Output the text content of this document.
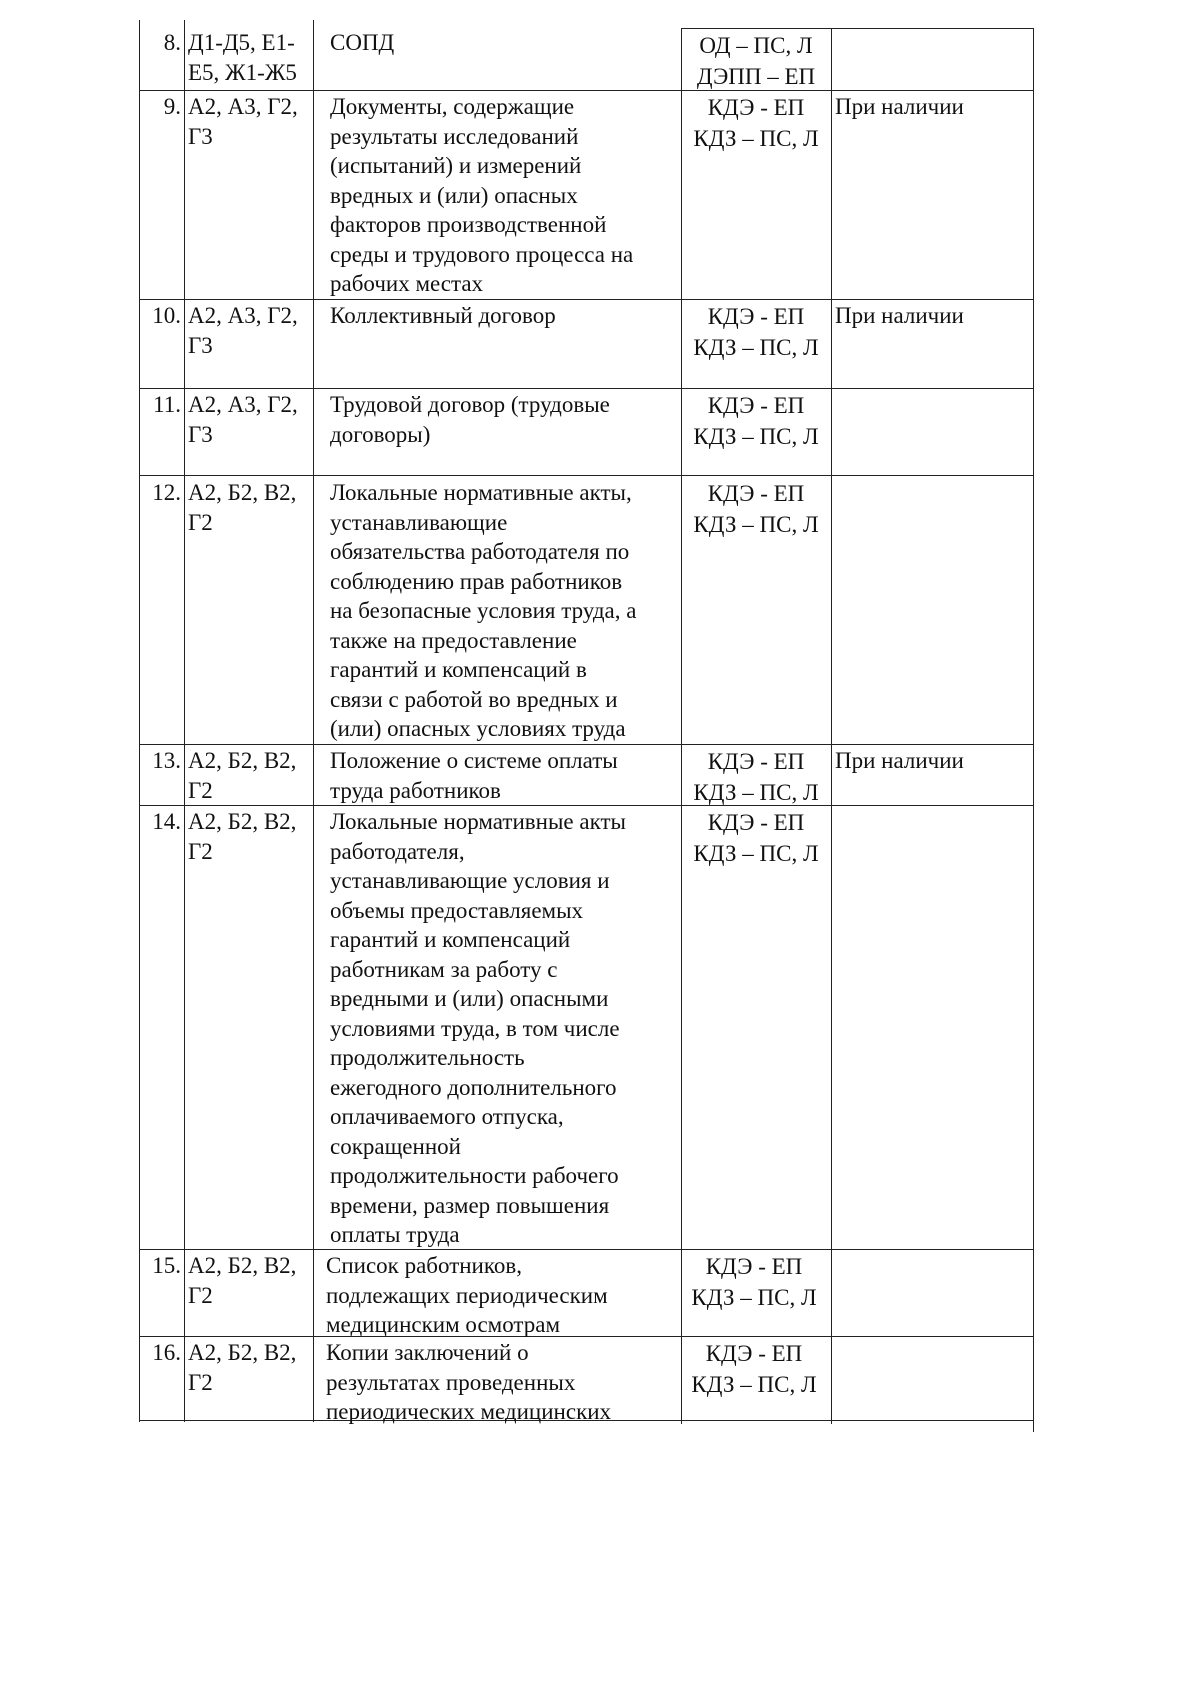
8. Д1-Д5, Е1-
Е5, Ж1-Ж5
СОПД	ОД – ПС, Л
ДЭПП – ЕП
9. А2, А3, Г2,
Г3
Документы, содержащие
результаты исследований
(испытаний) и измерений
вредных и (или) опасных
факторов производственной
среды и трудового процесса на
рабочих местах
КДЭ - ЕП
КДЗ – ПС, Л
При наличии
10. А2, А3, Г2,
Г3
Коллективный договор	КДЭ - ЕП
КДЗ – ПС, Л
При наличии
11. А2, А3, Г2,
Г3
Трудовой договор (трудовые
договоры)
КДЭ - ЕП
КДЗ – ПС, Л
12. А2, Б2, В2,
Г2
Локальные нормативные акты,
устанавливающие
обязательства работодателя по
соблюдению прав работников
на безопасные условия труда, а
также на предоставление
гарантий и компенсаций в
связи с работой во вредных и
(или) опасных условиях труда
КДЭ - ЕП
КДЗ – ПС, Л
13. А2, Б2, В2,
Г2
Положение о системе оплаты
труда работников
КДЭ - ЕП
КДЗ – ПС, Л
При наличии
14. А2, Б2, В2,
Г2
Локальные нормативные акты
работодателя,
устанавливающие условия и
объемы предоставляемых
гарантий и компенсаций
работникам за работу с
вредными и (или) опасными
условиями труда, в том числе
продолжительность
ежегодного дополнительного
оплачиваемого отпуска,
сокращенной
продолжительности рабочего
времени, размер повышения
оплаты труда
КДЭ - ЕП
КДЗ – ПС, Л
15. А2, Б2, В2,
Г2
Список работников,
подлежащих периодическим
медицинским осмотрам
КДЭ - ЕП
КДЗ – ПС, Л
16. А2, Б2, В2,
Г2
Копии заключений о
результатах проведенных
периодических медицинских
КДЭ - ЕП
КДЗ – ПС, Л
